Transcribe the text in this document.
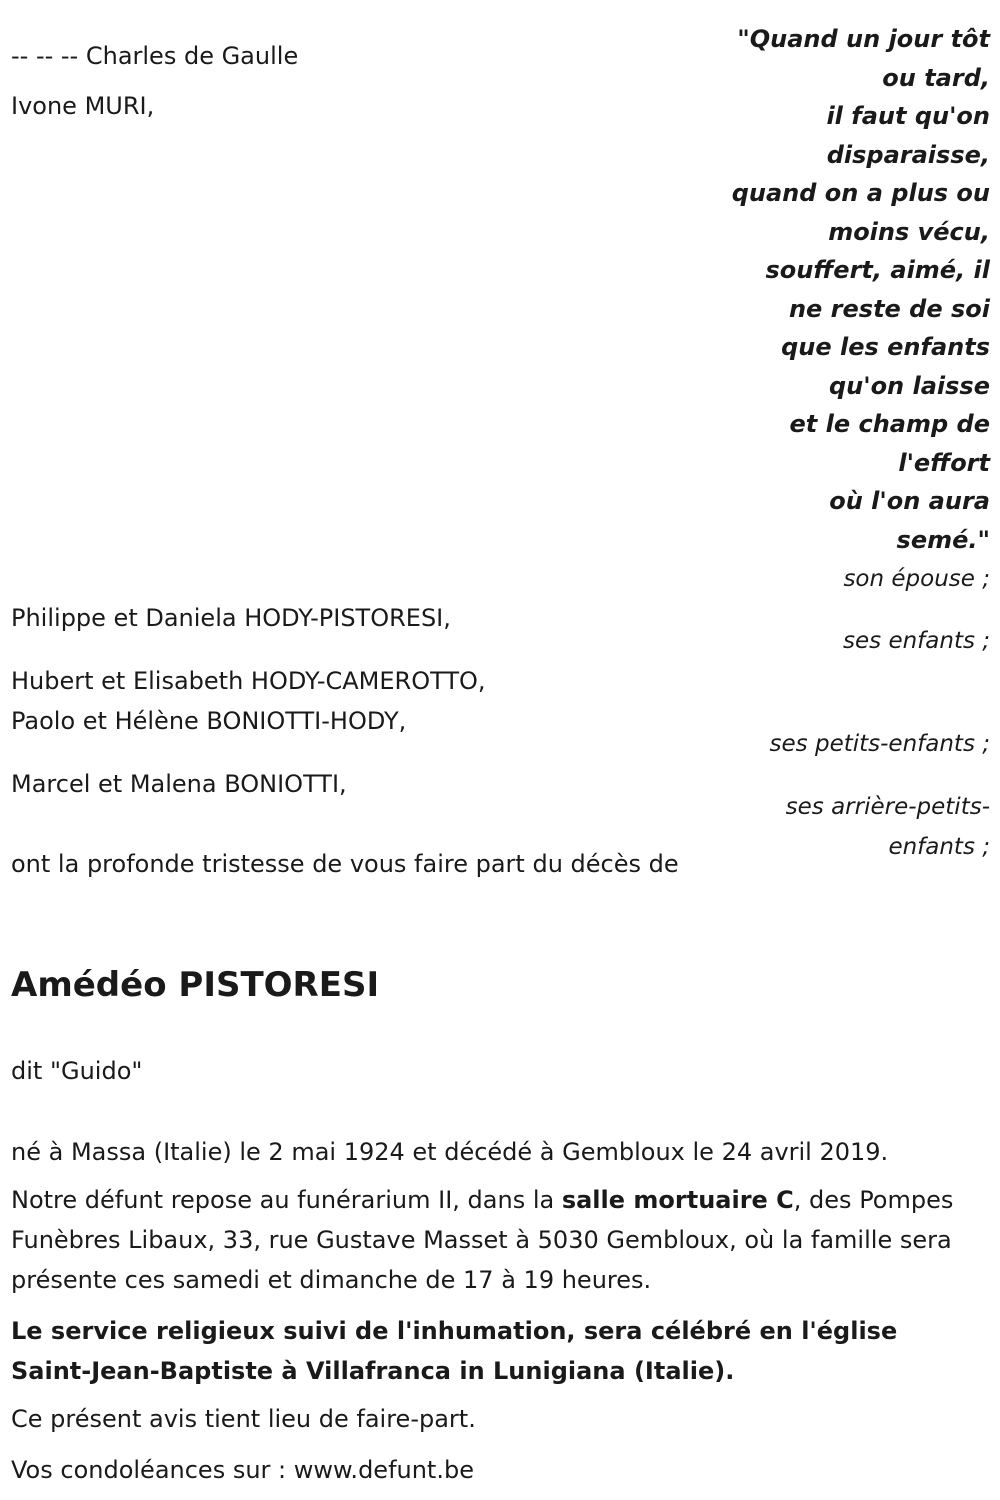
-- -- -- Charles de Gaulle
Ivone MURI,
"Quand un jour tôt
ou tard,
il faut qu'on
disparaisse,
quand on a plus ou
moins vécu,
souffert, aimé, il
ne reste de soi
que les enfants
qu'on laisse
et le champ de
l'effort
où l'on aura
semé."
son épouse ;
ses enfants ;
ses petits-enfants ;
ses arrière-petits-
enfants ;
Philippe et Daniela HODY-PISTORESI,
Hubert et Elisabeth HODY-CAMEROTTO,
Paolo et Hélène BONIOTTI-HODY,
Marcel et Malena BONIOTTI,
ont la profonde tristesse de vous faire part du décès de
Amédéo PISTORESI
dit "Guido"
né à Massa (Italie) le 2 mai 1924 et décédé à Gembloux le 24 avril 2019.
Notre défunt repose au funérarium II, dans la salle mortuaire C, des Pompes Funèbres Libaux, 33, rue Gustave Masset à 5030 Gembloux, où la famille sera présente ces samedi et dimanche de 17 à 19 heures.
Le service religieux suivi de l'inhumation, sera célébré en l'église Saint-Jean-Baptiste à Villafranca in Lunigiana (Italie).
Ce présent avis tient lieu de faire-part.
Vos condoléances sur : www.defunt.be
